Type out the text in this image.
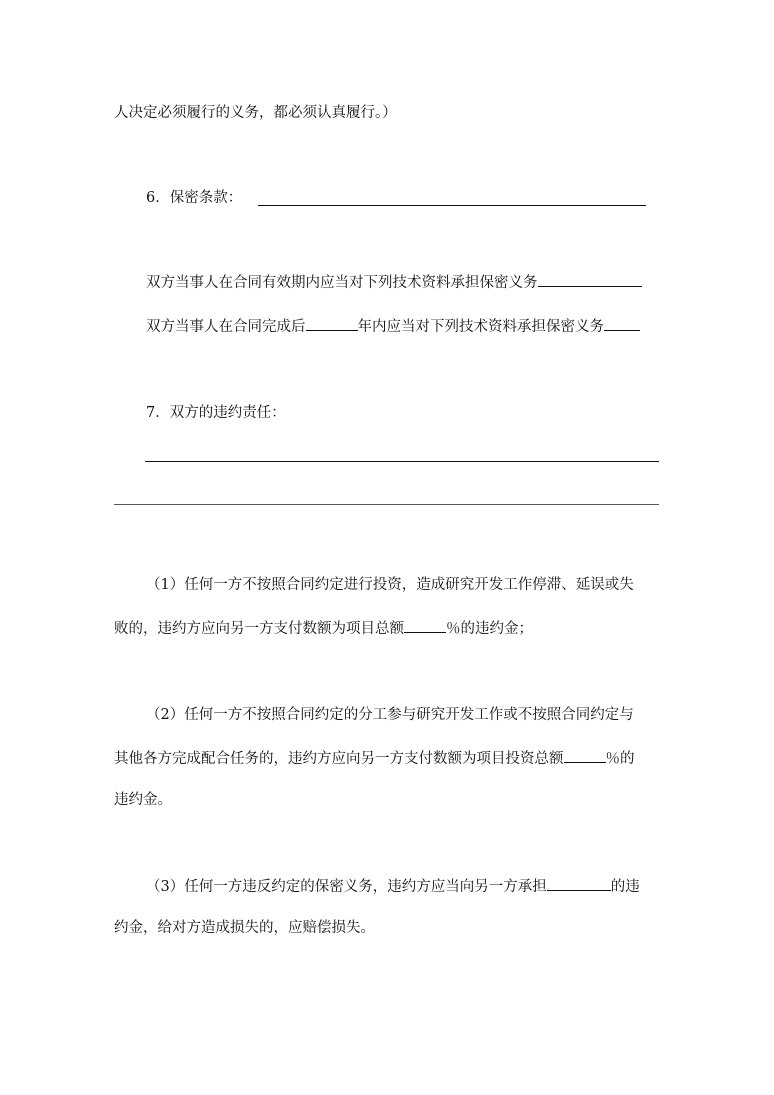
人决定必须履行的义务，都必须认真履行。）
6．保密条款：
双方当事人在合同有效期内应当对下列技术资料承担保密义务
双方当事人在合同完成后	年内应当对下列技术资料承担保密义务
7．双方的违约责任：
（1）任何一方不按照合同约定进行投资，造成研究开发工作停滞、延误或失
败的，违约方应向另一方支付数额为项目总额	％的违约金；
（2）任何一方不按照合同约定的分工参与研究开发工作或不按照合同约定与
其他各方完成配合任务的，违约方应向另一方支付数额为项目投资总额	％的
违约金。
（3）任何一方违反约定的保密义务，违约方应当向另一方承担	的违
约金，给对方造成损失的，应赔偿损失。
